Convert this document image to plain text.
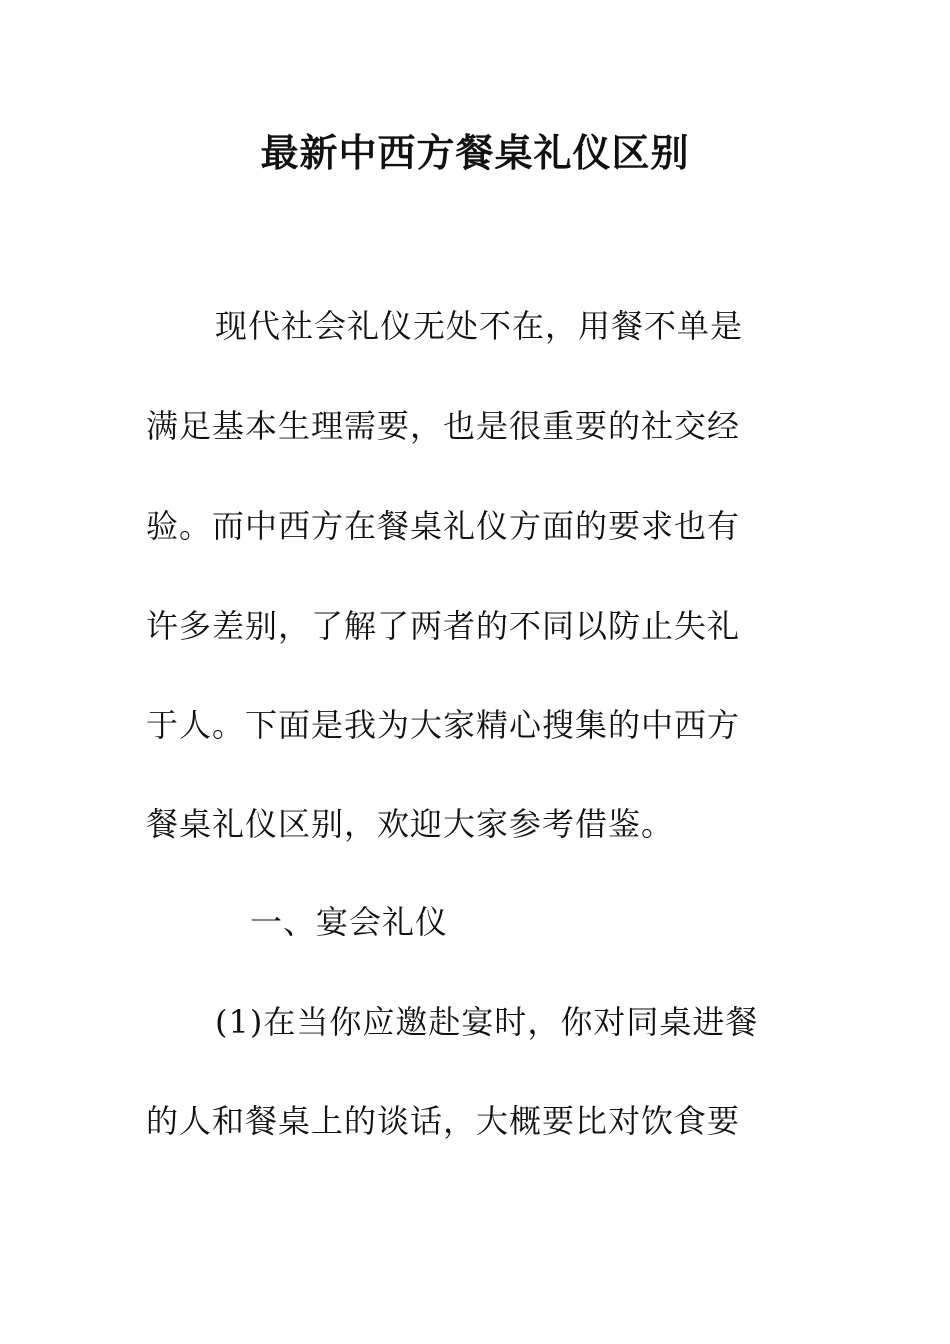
最新中西方餐桌礼仪区别

现代社会礼仪无处不在，用餐不单是

满足基本生理需要，也是很重要的社交经

验。而中西方在餐桌礼仪方面的要求也有

许多差别，了解了两者的不同以防止失礼

于人。下面是我为大家精心搜集的中西方

餐桌礼仪区别，欢迎大家参考借鉴。

一、宴会礼仪

(1)在当你应邀赴宴时，你对同桌进餐

的人和餐桌上的谈话，大概要比对饮食要
